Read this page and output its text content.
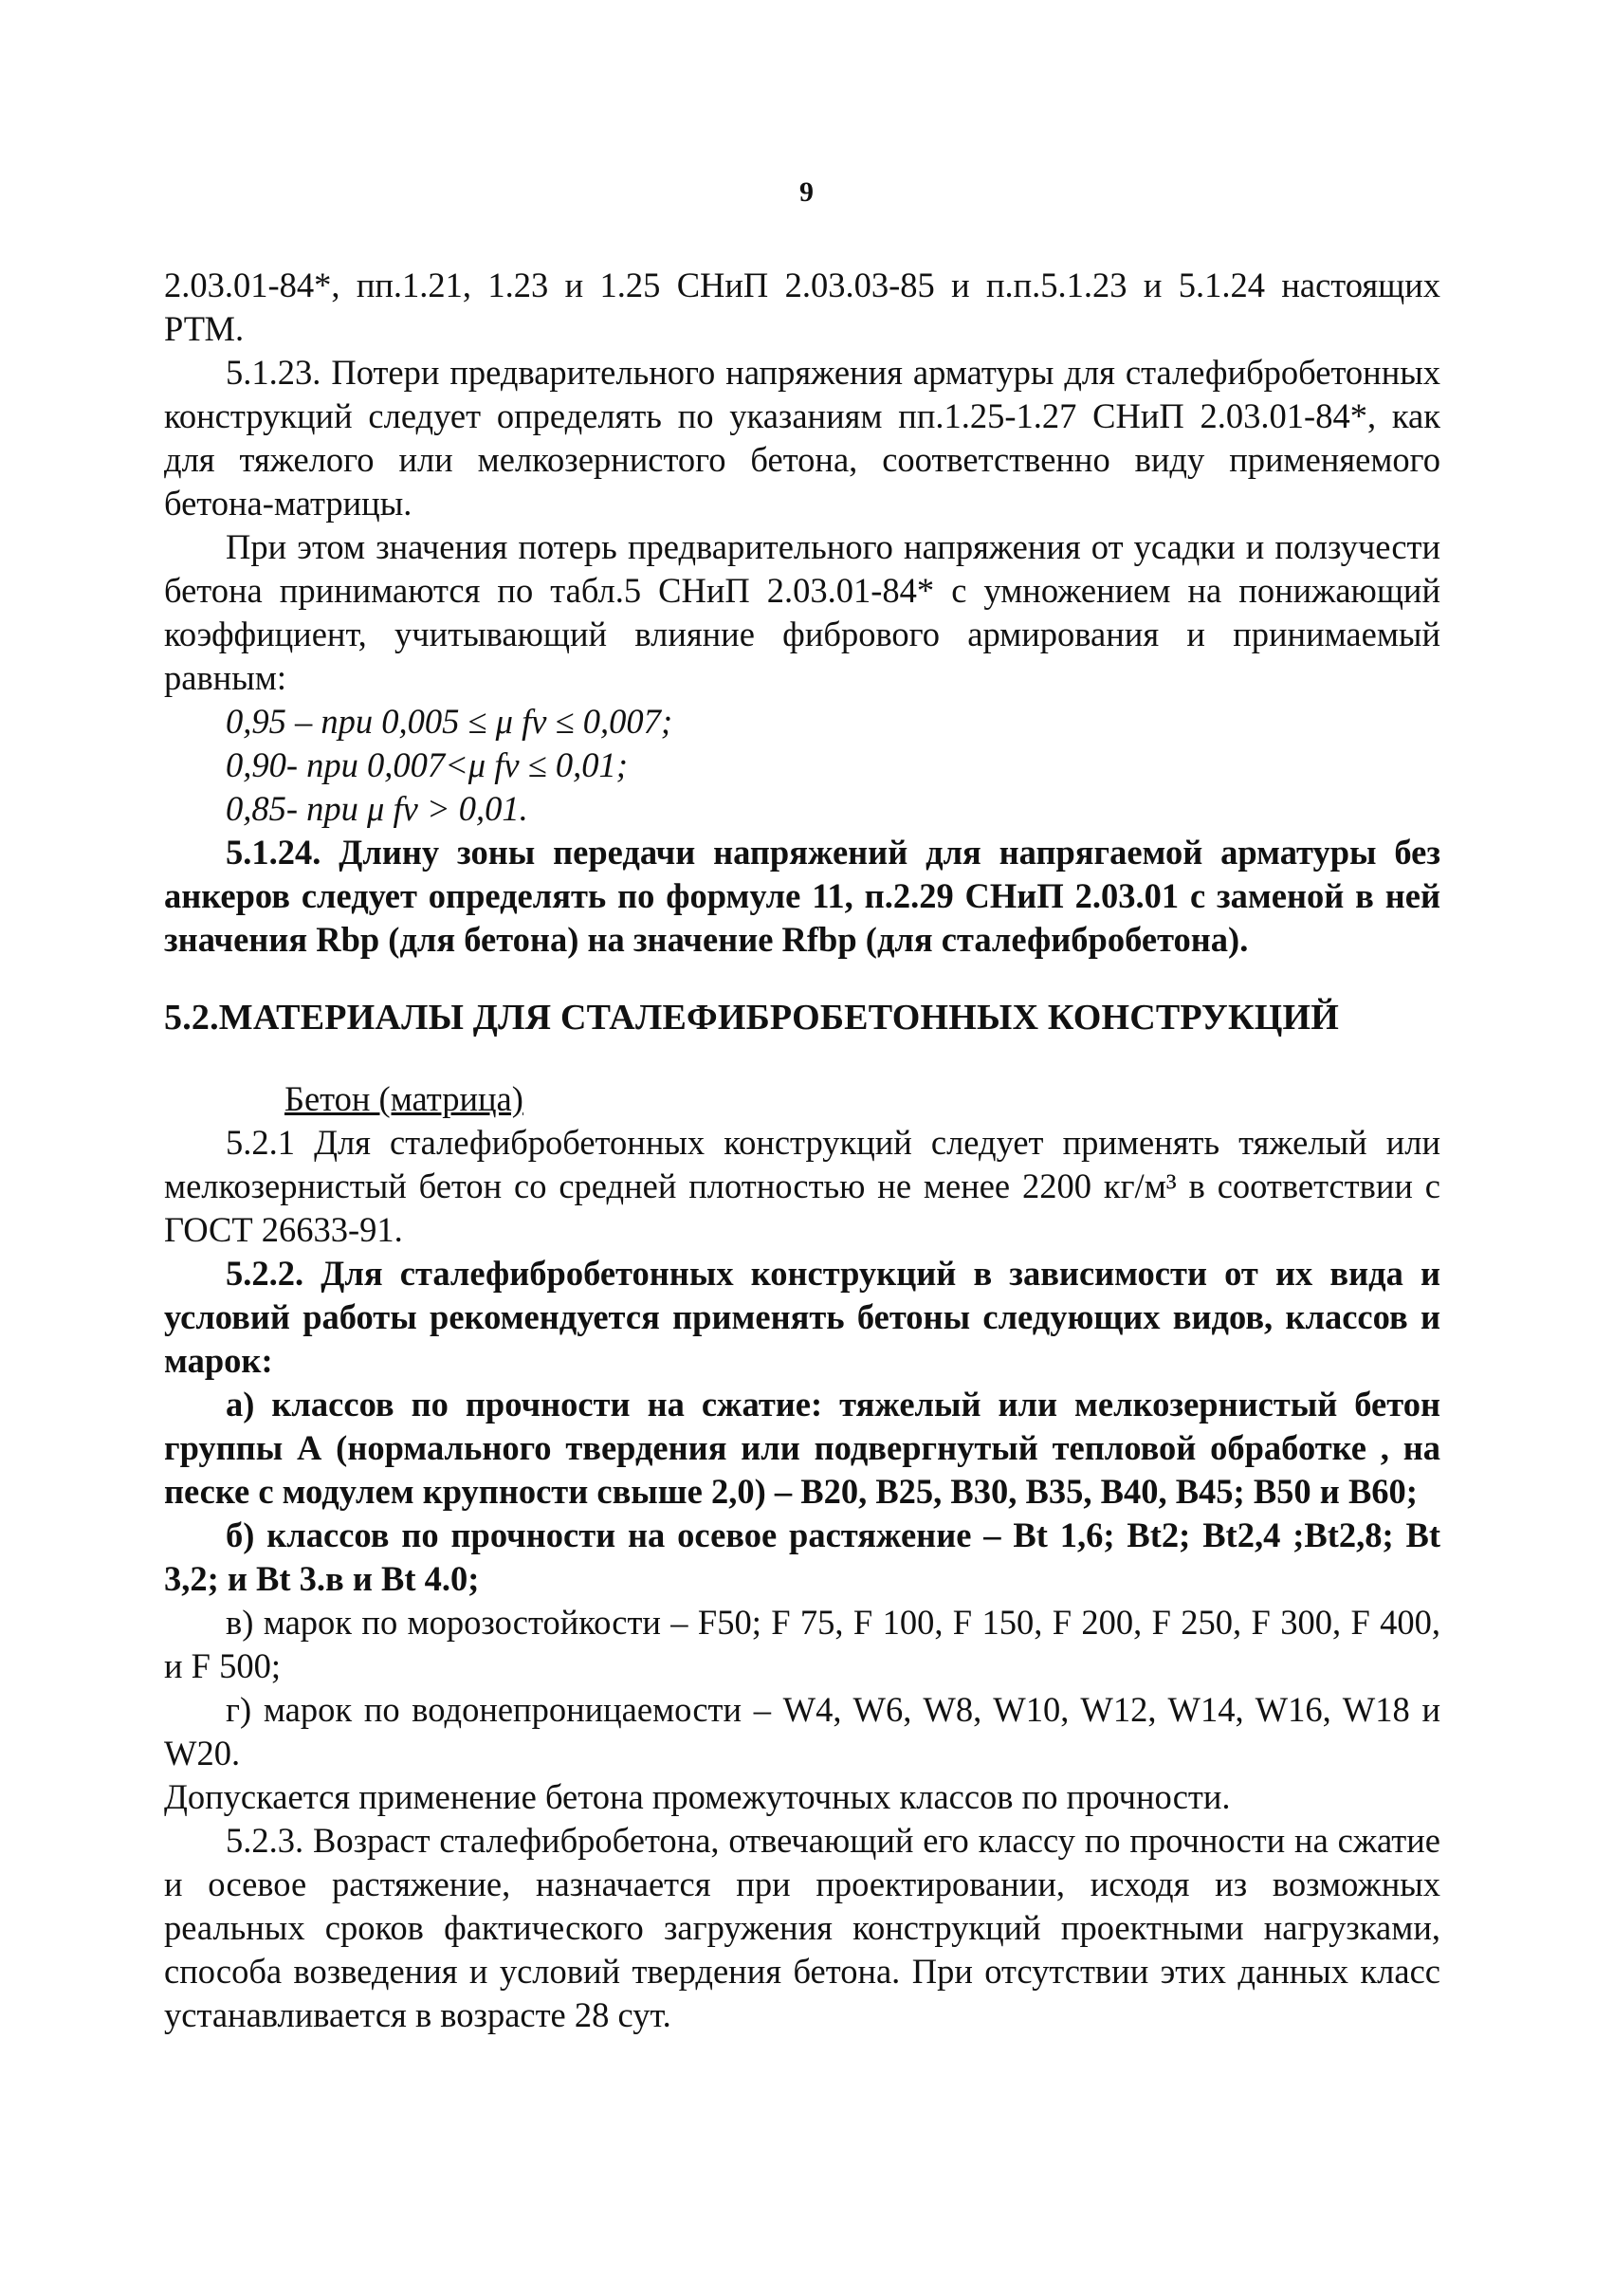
9

2.03.01-84*, пп.1.21, 1.23 и 1.25 СНиП 2.03.03-85 и п.п.5.1.23 и 5.1.24 настоящих РТМ.

5.1.23. Потери предварительного напряжения арматуры для сталефибробетонных конструкций следует определять по указаниям пп.1.25-1.27 СНиП 2.03.01-84*, как для тяжелого или мелкозернистого бетона, соответственно виду применяемого бетона-матрицы.

При этом значения потерь предварительного напряжения от усадки и ползучести бетона принимаются по табл.5 СНиП 2.03.01-84* с умножением на понижающий коэффициент, учитывающий влияние фибрового армирования и принимаемый равным:

0,95 – при 0,005 ≤ μ fv ≤ 0,007;

0,90- при 0,007<μ fv ≤ 0,01;

0,85- при μ fv > 0,01.

5.1.24. Длину зоны передачи напряжений для напрягаемой арматуры без анкеров следует определять по формуле 11, п.2.29 СНиП 2.03.01 с заменой в ней значения Rbp (для бетона) на значение Rfbp (для сталефибробетона).

5.2.МАТЕРИАЛЫ ДЛЯ СТАЛЕФИБРОБЕТОННЫХ КОНСТРУКЦИЙ

Бетон (матрица)

5.2.1 Для сталефибробетонных конструкций следует применять тяжелый или мелкозернистый бетон со средней плотностью не менее 2200 кг/м³ в соответствии с ГОСТ 26633-91.

5.2.2. Для сталефибробетонных конструкций в зависимости от их вида и условий работы рекомендуется применять бетоны следующих видов, классов и марок:

а) классов по прочности на сжатие: тяжелый или мелкозернистый бетон группы А (нормального твердения или подвергнутый тепловой обработке , на песке с модулем крупности свыше 2,0) – В20, В25, В30, В35, В40, В45; В50 и В60;

б) классов по прочности на осевое растяжение – Вt 1,6; Вt2; Вt2,4 ;Вt2,8; Вt 3,2; и Вt 3.в и Вt 4.0;

в) марок по морозостойкости – F50; F 75, F 100, F 150, F 200, F 250, F 300, F 400, и F 500;

г) марок по водонепроницаемости – W4, W6, W8, W10, W12, W14, W16, W18 и W20.

Допускается применение бетона промежуточных классов по прочности.

5.2.3. Возраст сталефибробетона, отвечающий его классу по прочности на сжатие и осевое растяжение, назначается при проектировании, исходя из возможных реальных сроков фактического загружения конструкций проектными нагрузками, способа возведения и условий твердения бетона. При отсутствии этих данных класс устанавливается в возрасте 28 сут.
